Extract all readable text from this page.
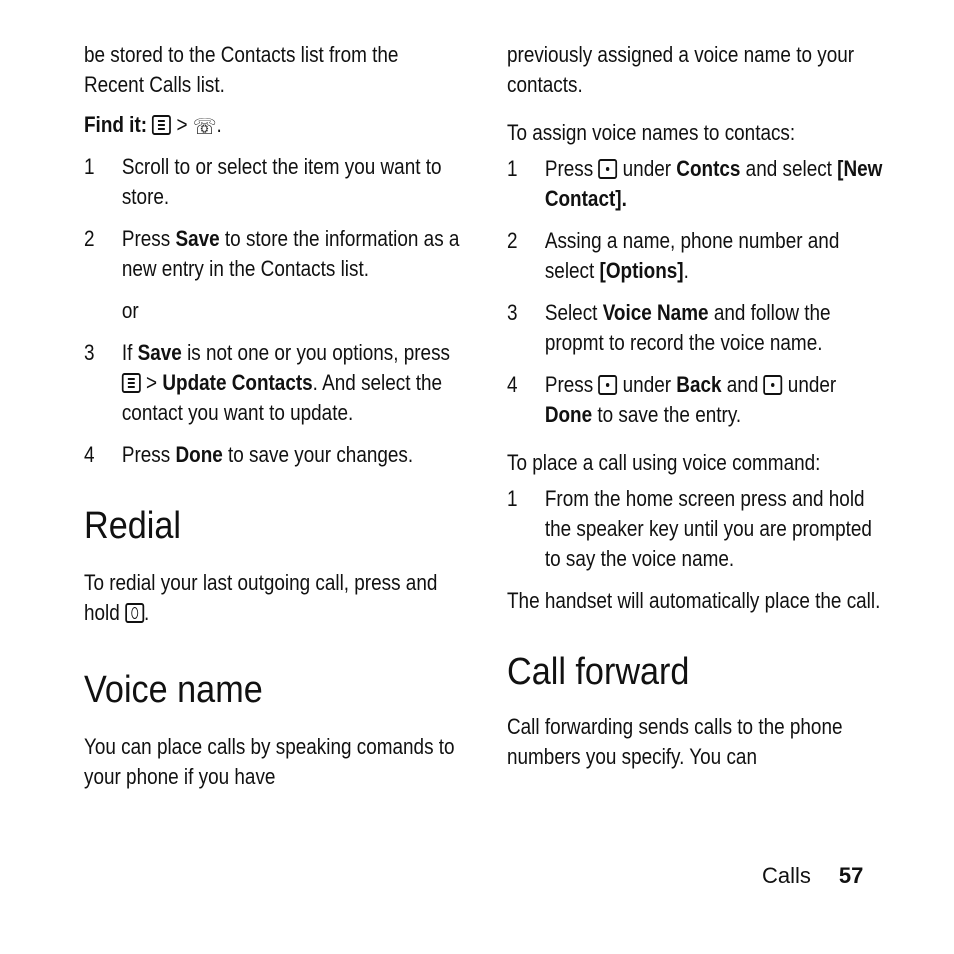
be stored to the Contacts list from the Recent Calls list.

Find it: > ☏.

1 Scroll to or select the item you want to store.
2 Press Save to store the information as a new entry in the Contacts list.
or
3 If Save is not one or you options, press  > Update Contacts. And select the contact you want to update.
4 Press Done to save your changes.
Redial

To redial your last outgoing call, press and hold .

Voice name

You can place calls by speaking comands to your phone if you have

previously assigned a voice name to your contacts.

To assign voice names to contacs:

1 Press  under Contcs and select [New Contact].
2 Assing a name, phone number and select [Options].
3 Select Voice Name and follow the propmt to record the voice name.
4 Press  under Back and  under Done to save the entry.

To place a call using voice command:

1 From the home screen press and hold the speaker key until you are prompted to say the voice name.

The handset will automatically place the call.

Call forward

Call forwarding sends calls to the phone numbers you specify. You can

Calls 57
